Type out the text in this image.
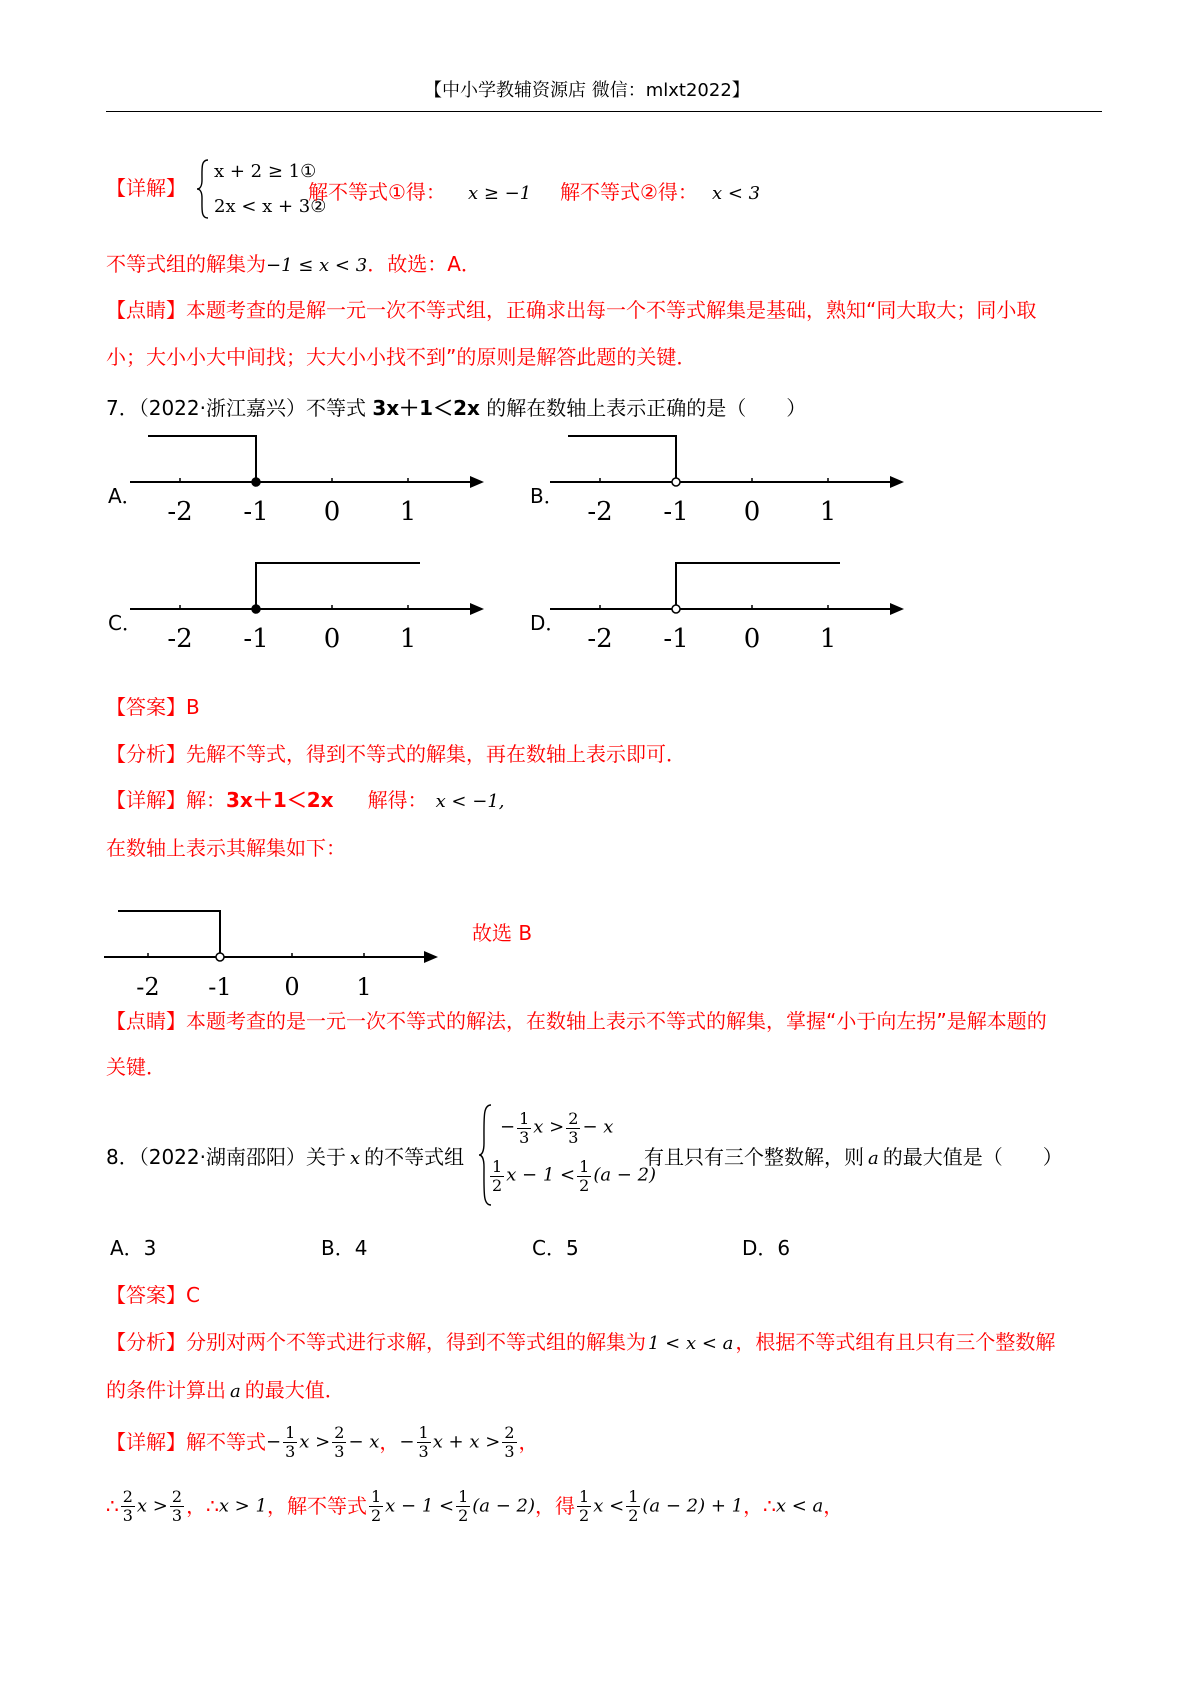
【中小学教辅资源店 微信：mlxt2022】
【详解】
x + 2 ≥ 1①
2x < x + 3②
解不等式①得： x ≥ −1 解不等式②得： x < 3
不等式组的解集为−1 ≤ x < 3．故选：A．
【点睛】本题考查的是解一元一次不等式组，正确求出每一个不等式解集是基础，熟知“同大取大；同小取
小；大小小大中间找；大大小小找不到”的原则是解答此题的关键．
7．（2022·浙江嘉兴）不等式 3x＋1＜2x 的解在数轴上表示正确的是（　　）
A．	B．
C．	D．
-2 -1 0 1	-2 -1 0 1
-2 -1 0 1	-2 -1 0 1
【答案】B
【分析】先解不等式，得到不等式的解集，再在数轴上表示即可．
【详解】解：3x＋1＜2x 解得： x < −1,
在数轴上表示其解集如下：
-2 -1 0 1
故选 B
【点睛】本题考查的是一元一次不等式的解法，在数轴上表示不等式的解集，掌握“小于向左拐”是解本题的
关键．
8．（2022·湖南邵阳）关于 x 的不等式组
− $\frac{1}{3}$ $x > \frac{2}{3} - x$
$\frac{1}{2}$ $x - 1 < \frac{1}{2} (a - 2)$
有且只有三个整数解，则 a 的最大值是（　　）
A．3	B．4	C．5	D．6
【答案】C
【分析】分别对两个不等式进行求解，得到不等式组的解集为 1 < x < a ，根据不等式组有且只有三个整数解
的条件计算出 a 的最大值．
【详解】解不等式− $\frac{1}{3}$ $x > \frac{2}{3} - x$，− $\frac{1}{3}$ $x + x > \frac{2}{3}$ ，
∴ $\frac{2}{3}$ $x > \frac{2}{3}$ ，∴x > 1，解不等式 $\frac{1}{2}$ $x - 1 < \frac{1}{2} (a - 2)$，得 $\frac{1}{2}$ $x < \frac{1}{2} (a - 2) + 1$，∴x < a，
